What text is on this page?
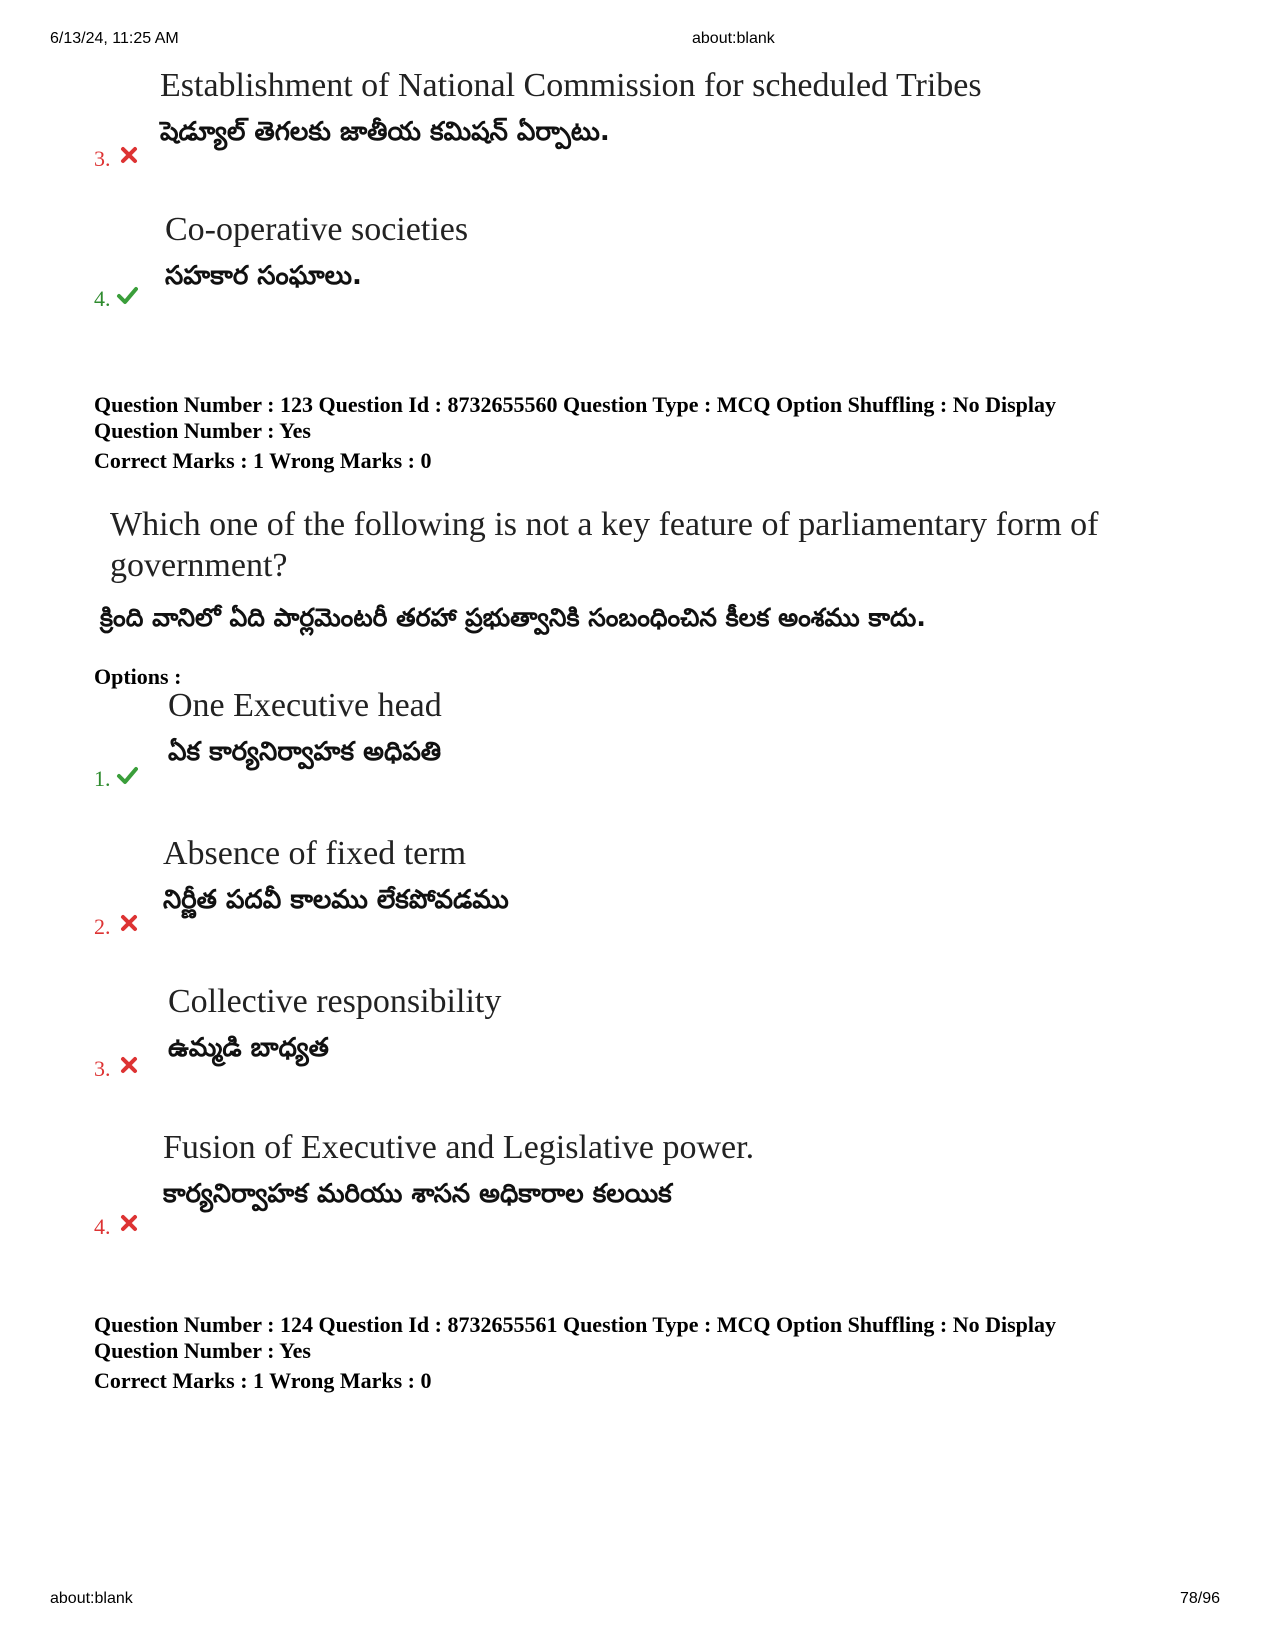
6/13/24, 11:25 AM	about:blank
Establishment of National Commission for scheduled Tribes
షెడ్యూల్ తెగలకు జాతీయ కమిషన్ ఏర్పాటు.
3.
Co-operative societies
సహకార సంఘాలు.
4.
Question Number : 123 Question Id : 8732655560 Question Type : MCQ Option Shuffling : No Display
Question Number : Yes
Correct Marks : 1 Wrong Marks : 0
Which one of the following is not a key feature of parliamentary form of government?
క్రింది వానిలో ఏది పార్లమెంటరీ తరహా ప్రభుత్వానికి సంబంధించిన కీలక అంశము కాదు.
Options :
One Executive head
ఏక కార్యనిర్వాహక అధిపతి
1.
Absence of fixed term
నిర్ణీత పదవీ కాలము లేకపోవడము
2.
Collective responsibility
ఉమ్మడి బాధ్యత
3.
Fusion of Executive and Legislative power.
కార్యనిర్వాహక మరియు శాసన అధికారాల కలయిక
4.
Question Number : 124 Question Id : 8732655561 Question Type : MCQ Option Shuffling : No Display
Question Number : Yes
Correct Marks : 1 Wrong Marks : 0
about:blank	78/96
